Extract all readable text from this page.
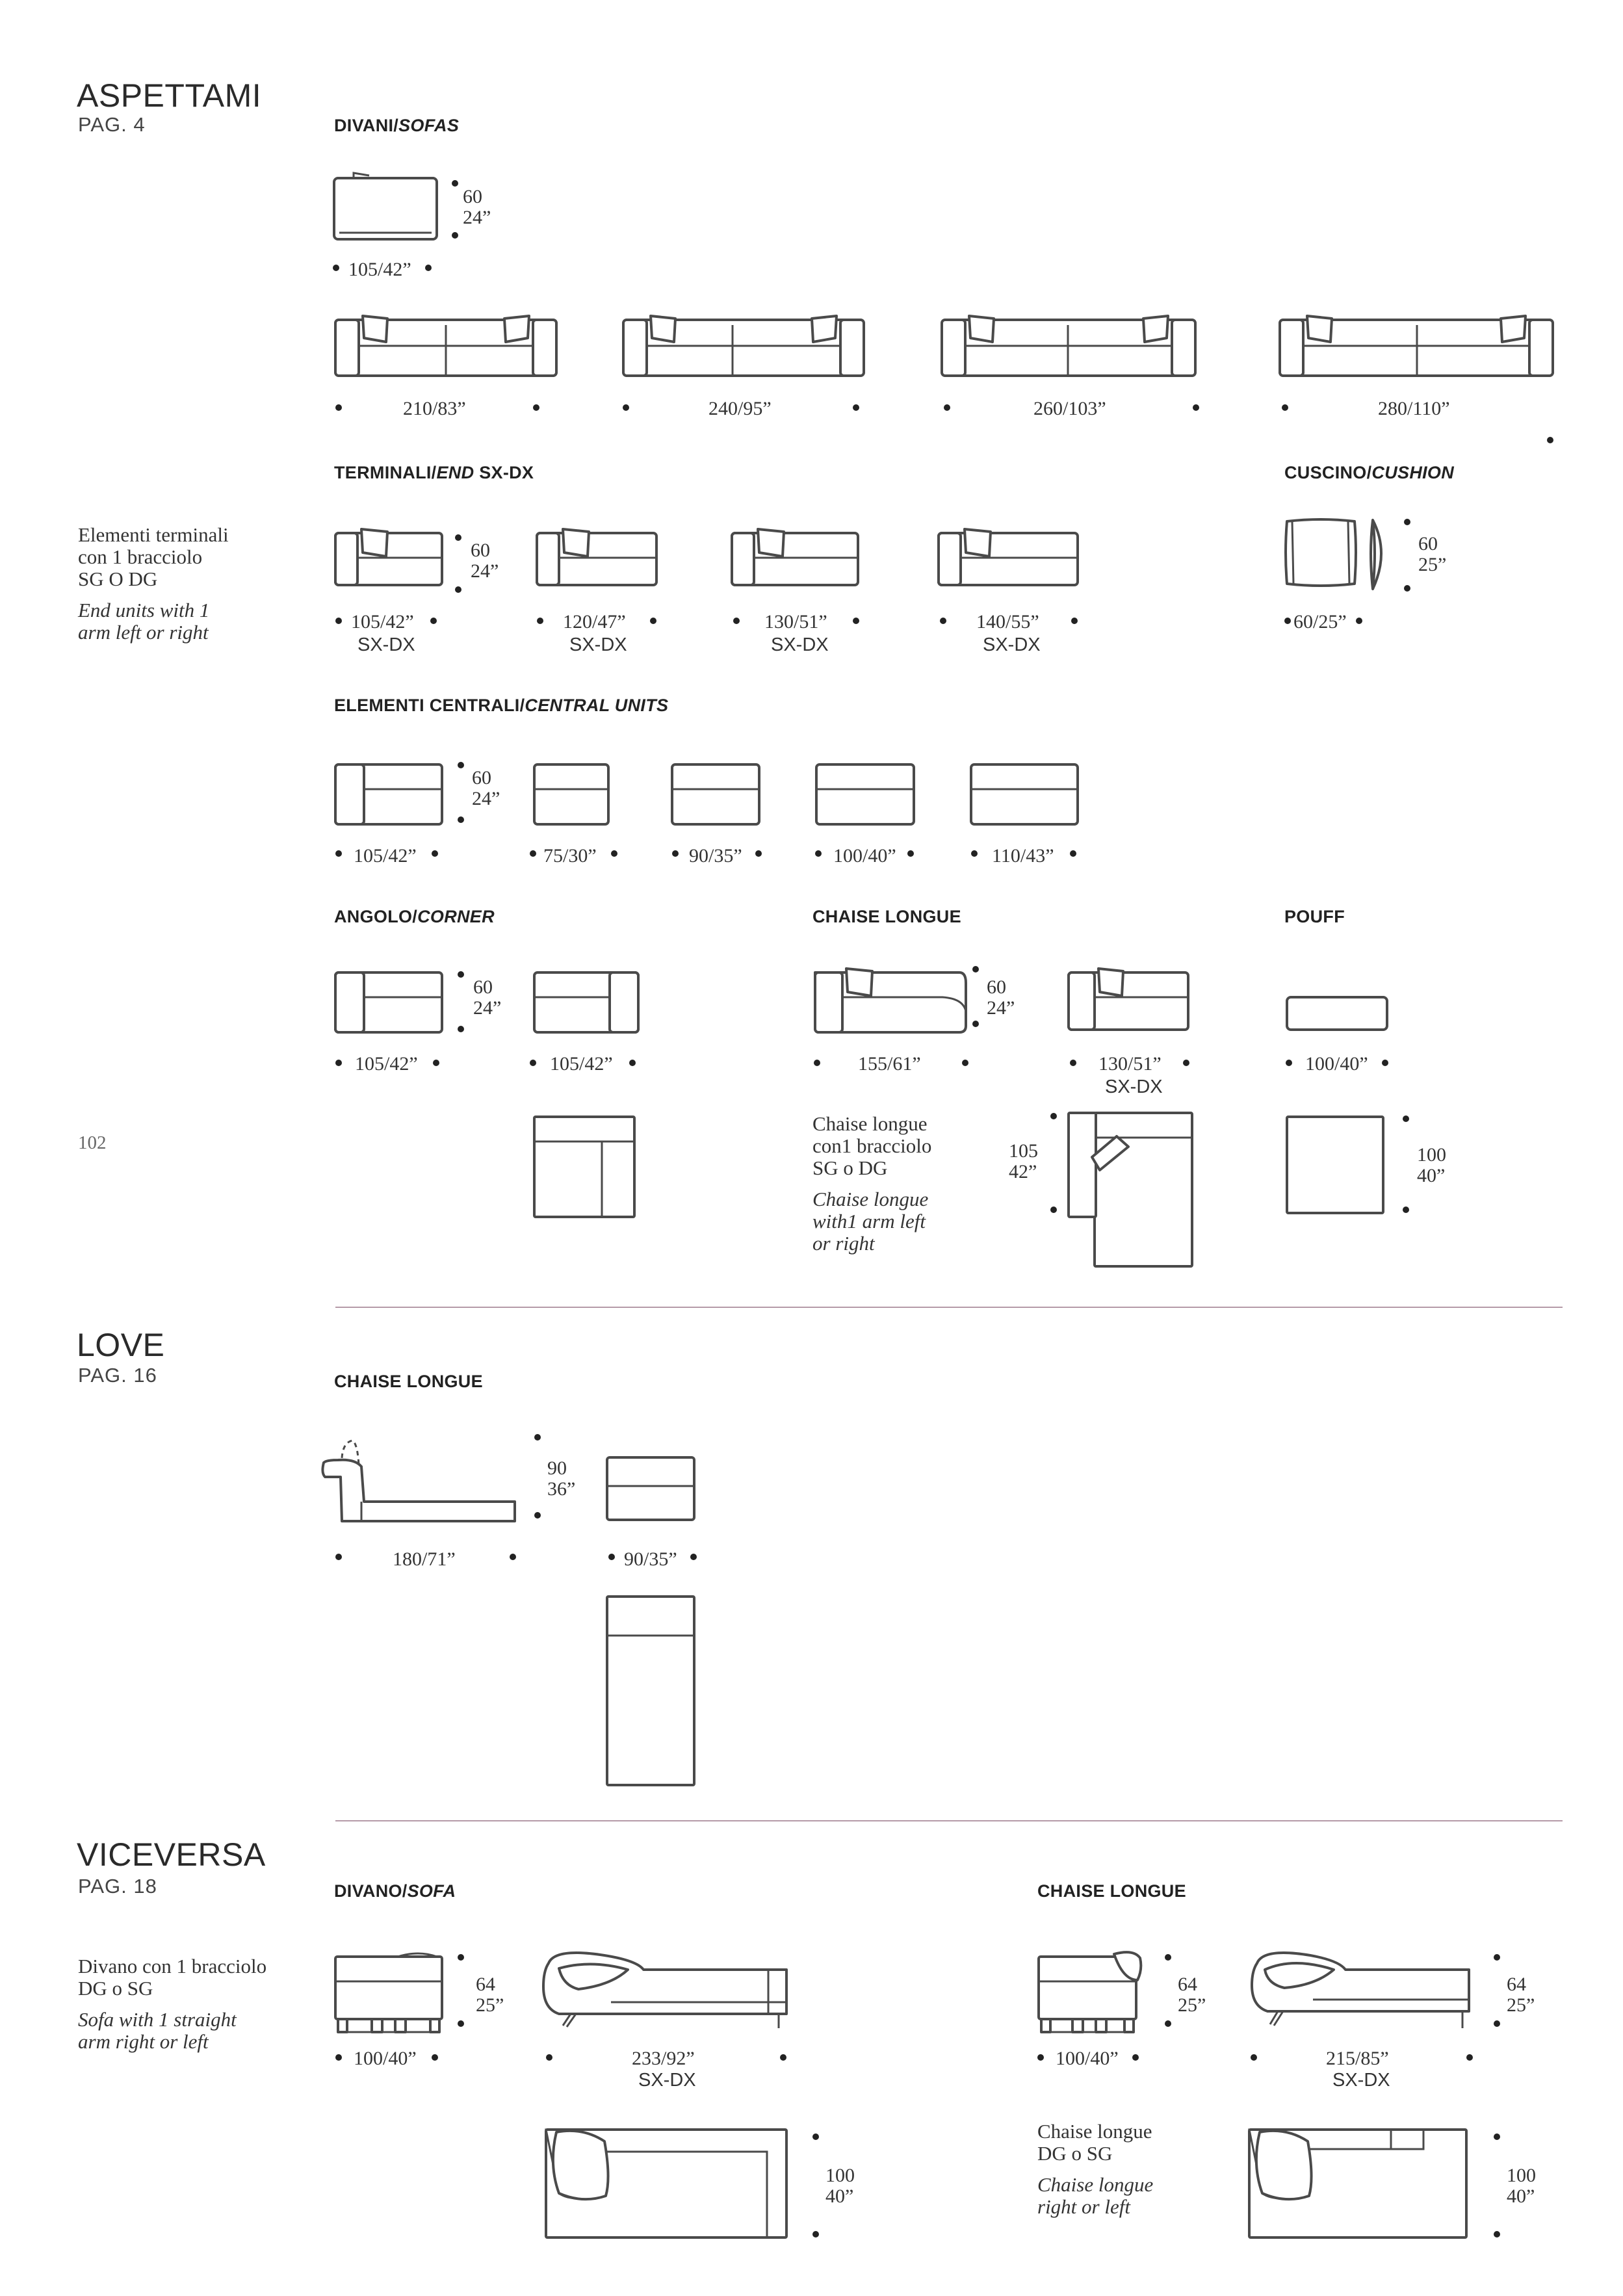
ASPETTAMI
PAG. 4	DIVANI/SOFAS
60
24”
105/42”
210/83”	240/95”	260/103”	280/110”
TERMINALI/END SX-DX
Elementi terminali
con 1 bracciolo
SG O DG
End units with 1
arm left or right
60
24”
105/42”
SX-DX
120/47”
SX-DX
130/51”
SX-DX
140/55”
SX-DX
CUSCINO/CUSHION
60
25”
60/25”
ELEMENTI CENTRALI/CENTRAL UNITS
60
24”
105/42”	75/30”	90/35”	100/40”	110/43”
ANGOLO/CORNER
60
24”
105/42”	105/42”
CHAISE LONGUE
60
24”
155/61”	130/51”
SX-DX
Chaise longue
con1 bracciolo
SG o DG
Chaise longue
with1 arm left
or right
105
42”
POUFF
100/40”
100
40”
102
LOVE
PAG. 16	CHAISE LONGUE
90
36”
180/71”	90/35”
VICEVERSA
PAG. 18	DIVANO/SOFA
Divano con 1 bracciolo
DG o SG
Sofa with 1 straight
arm right or left
64
25”
100/40”	233/92”
SX-DX
100
40”
CHAISE LONGUE
64
25”
100/40”
64
25”
215/85”
SX-DX
Chaise longue
DG o SG
Chaise longue
right or left
100
40”
